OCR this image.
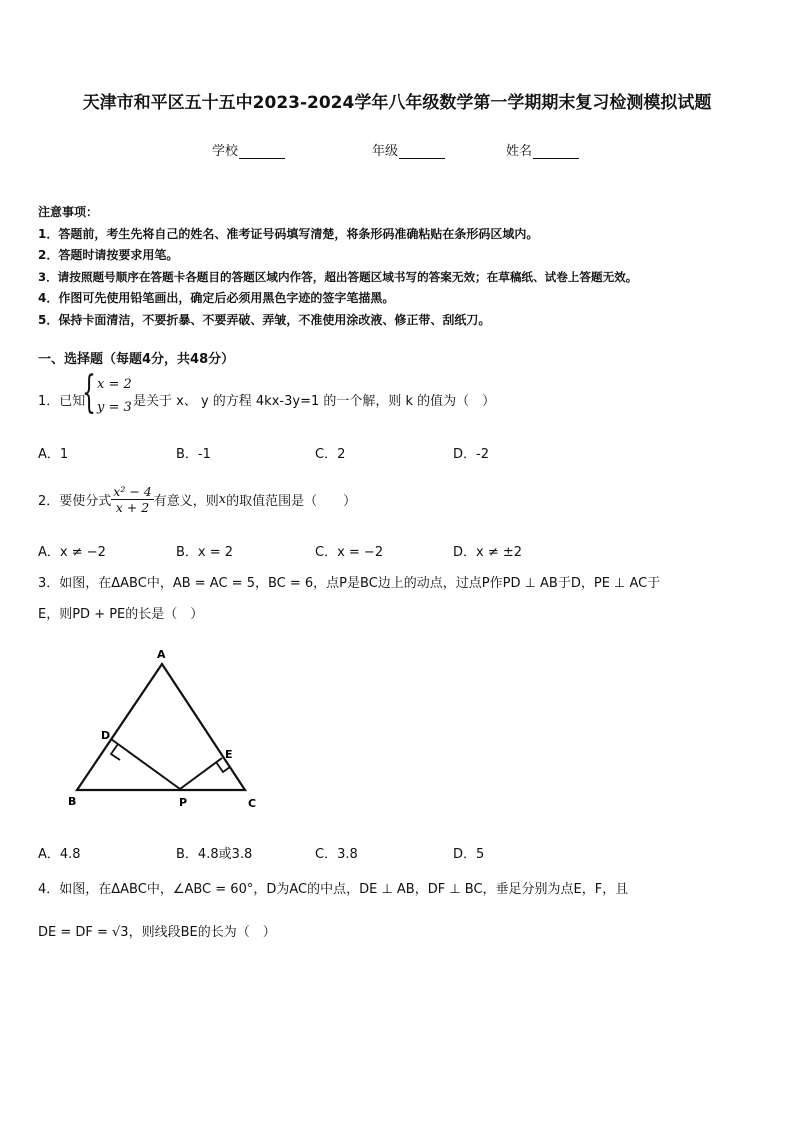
天津市和平区五十五中2023-2024学年八年级数学第一学期期末复习检测模拟试题
学校	年级	姓名
注意事项：
1．答题前，考生先将自己的姓名、准考证号码填写清楚，将条形码准确粘贴在条形码区域内。
2．答题时请按要求用笔。
3．请按照题号顺序在答题卡各题目的答题区域内作答，超出答题区域书写的答案无效；在草稿纸、试卷上答题无效。
4．作图可先使用铅笔画出，确定后必须用黑色字迹的签字笔描黑。
5．保持卡面清洁，不要折暴、不要弄破、弄皱，不准使用涂改液、修正带、刮纸刀。
一、选择题（每题4分，共48分）
1．已知
{ x = 2
y = 3 是关于 x、 y 的方程 4kx-3y=1 的一个解，则 k 的值为（　）
A．1	B．-1	C．2	D．-2
2．要使分式 $\frac{\text{x² − 4}}{x + 2}$ 有意义，则x的取值范围是（　　）
A．x ≠ −2	B．x = 2	C．x = −2	D．x ≠ ±2
3．如图，在ΔABC中，AB = AC = 5，BC = 6，点P是BC边上的动点，过点P作PD ⊥ AB于D，PE ⊥ AC于
E，则PD + PE的长是（　）
A
B	C
D
E
P
A．4.8	B．4.8或3.8	C．3.8	D．5
4．如图，在ΔABC中，∠ABC = 60°，D为AC的中点，DE ⊥ AB，DF ⊥ BC，垂足分别为点E，F，且
DE = DF = √3，则线段BE的长为（　）
